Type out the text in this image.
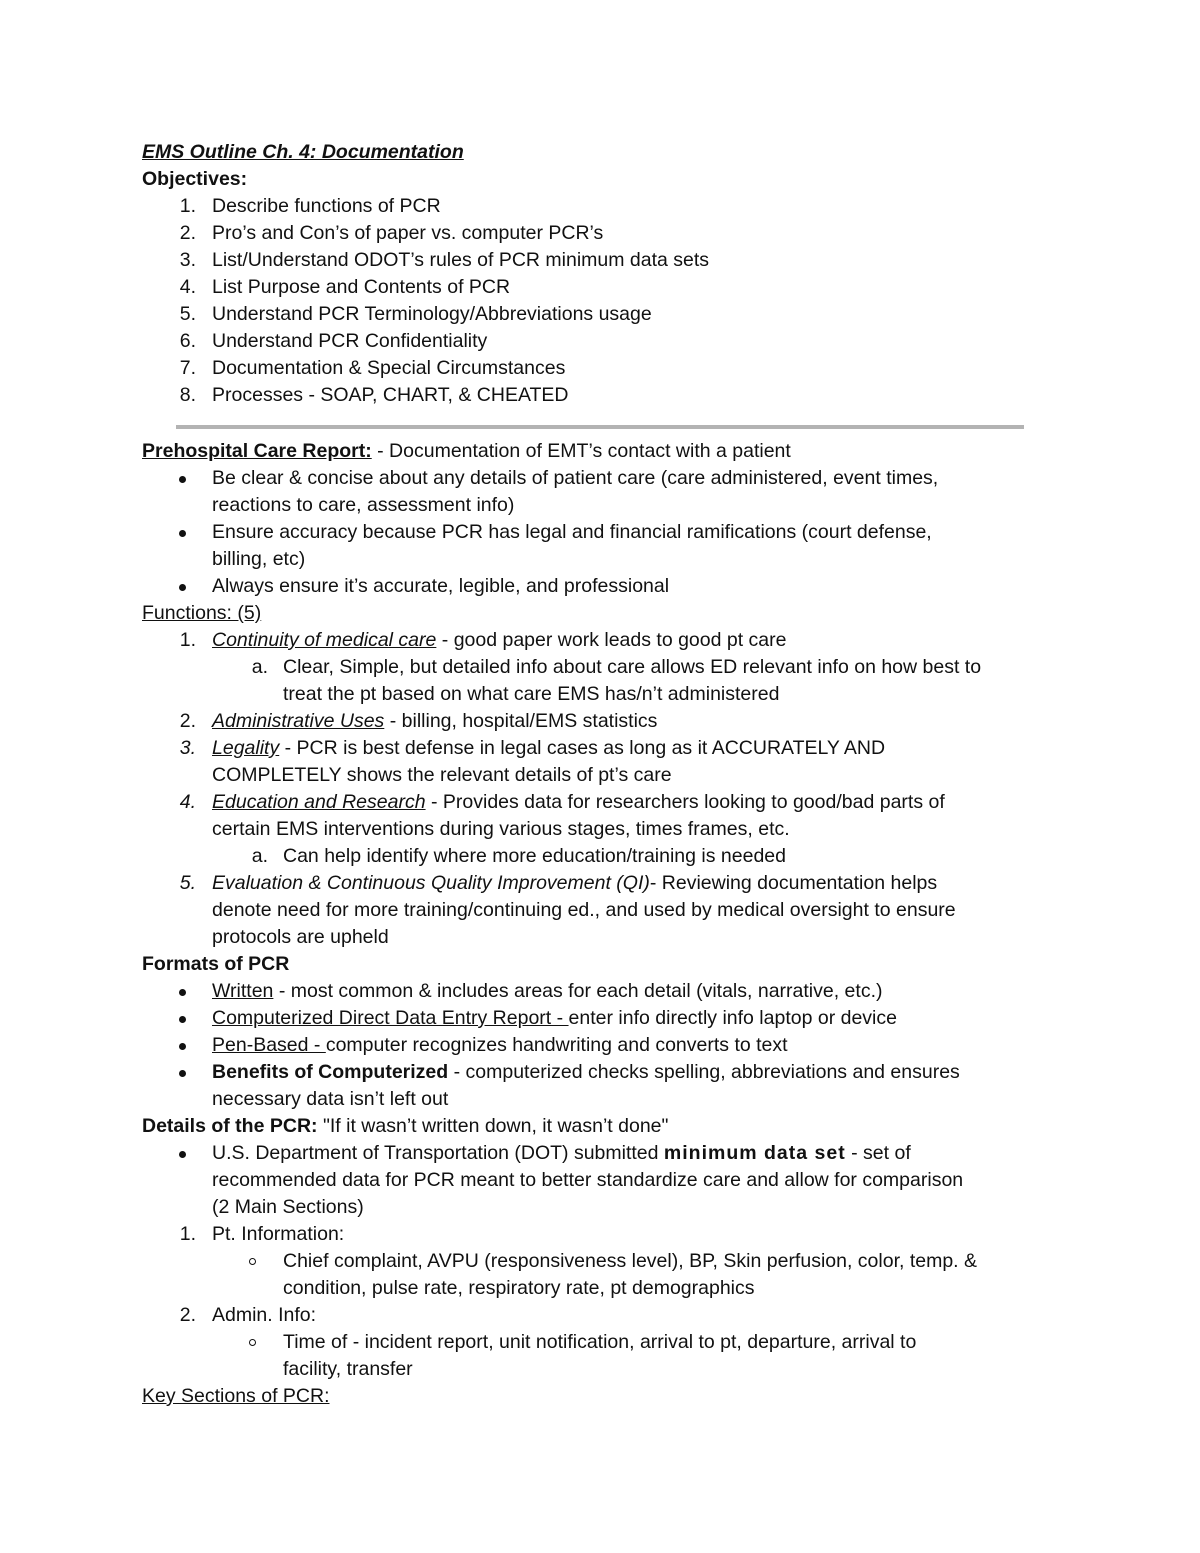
EMS Outline Ch. 4: Documentation
Objectives:
1. Describe functions of PCR
2. Pro’s and Con’s of paper vs. computer PCR’s
3. List/Understand ODOT’s rules of PCR minimum data sets
4. List Purpose and Contents of PCR
5. Understand PCR Terminology/Abbreviations usage
6. Understand PCR Confidentiality
7. Documentation & Special Circumstances
8. Processes - SOAP, CHART, & CHEATED
Prehospital Care Report: - Documentation of EMT’s contact with a patient
Be clear & concise about any details of patient care (care administered, event times,
reactions to care, assessment info)
Ensure accuracy because PCR has legal and financial ramifications (court defense,
billing, etc)
Always ensure it’s accurate, legible, and professional
Functions: (5)
1. Continuity of medical care - good paper work leads to good pt care
a. Clear, Simple, but detailed info about care allows ED relevant info on how best to
treat the pt based on what care EMS has/n’t administered
2. Administrative Uses - billing, hospital/EMS statistics
3. Legality - PCR is best defense in legal cases as long as it ACCURATELY AND
COMPLETELY shows the relevant details of pt’s care
4. Education and Research - Provides data for researchers looking to good/bad parts of
certain EMS interventions during various stages, times frames, etc.
a. Can help identify where more education/training is needed
5. Evaluation & Continuous Quality Improvement (QI)- Reviewing documentation helps
denote need for more training/continuing ed., and used by medical oversight to ensure
protocols are upheld
Formats of PCR
Written - most common & includes areas for each detail (vitals, narrative, etc.)
Computerized Direct Data Entry Report - enter info directly info laptop or device
Pen-Based - computer recognizes handwriting and converts to text
Benefits of Computerized - computerized checks spelling, abbreviations and ensures
necessary data isn’t left out
Details of the PCR: "If it wasn’t written down, it wasn’t done"
U.S. Department of Transportation (DOT) submitted minimum data set - set of
recommended data for PCR meant to better standardize care and allow for comparison
(2 Main Sections)
1. Pt. Information:
Chief complaint, AVPU (responsiveness level), BP, Skin perfusion, color, temp. &
condition, pulse rate, respiratory rate, pt demographics
2. Admin. Info:
Time of - incident report, unit notification, arrival to pt, departure, arrival to
facility, transfer
Key Sections of PCR:
